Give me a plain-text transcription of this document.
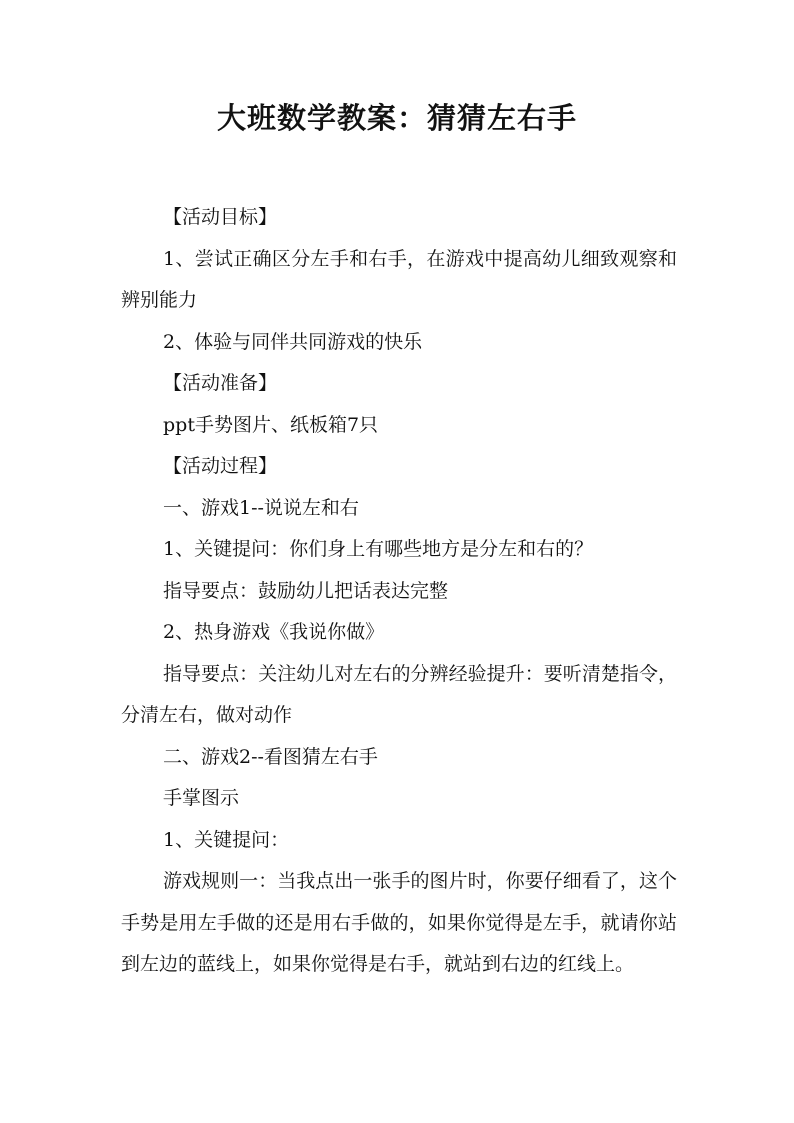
大班数学教案：猜猜左右手

【活动目标】

1、尝试正确区分左手和右手，在游戏中提高幼儿细致观察和辨别能力

2、体验与同伴共同游戏的快乐

【活动准备】

ppt手势图片、纸板箱7只

【活动过程】

一、游戏1--说说左和右

1、关键提问：你们身上有哪些地方是分左和右的？

指导要点：鼓励幼儿把话表达完整

2、热身游戏《我说你做》

指导要点：关注幼儿对左右的分辨经验提升：要听清楚指令，分清左右，做对动作

二、游戏2--看图猜左右手

手掌图示

1、关键提问：

游戏规则一：当我点出一张手的图片时，你要仔细看了，这个手势是用左手做的还是用右手做的，如果你觉得是左手，就请你站到左边的蓝线上，如果你觉得是右手，就站到右边的红线上。
